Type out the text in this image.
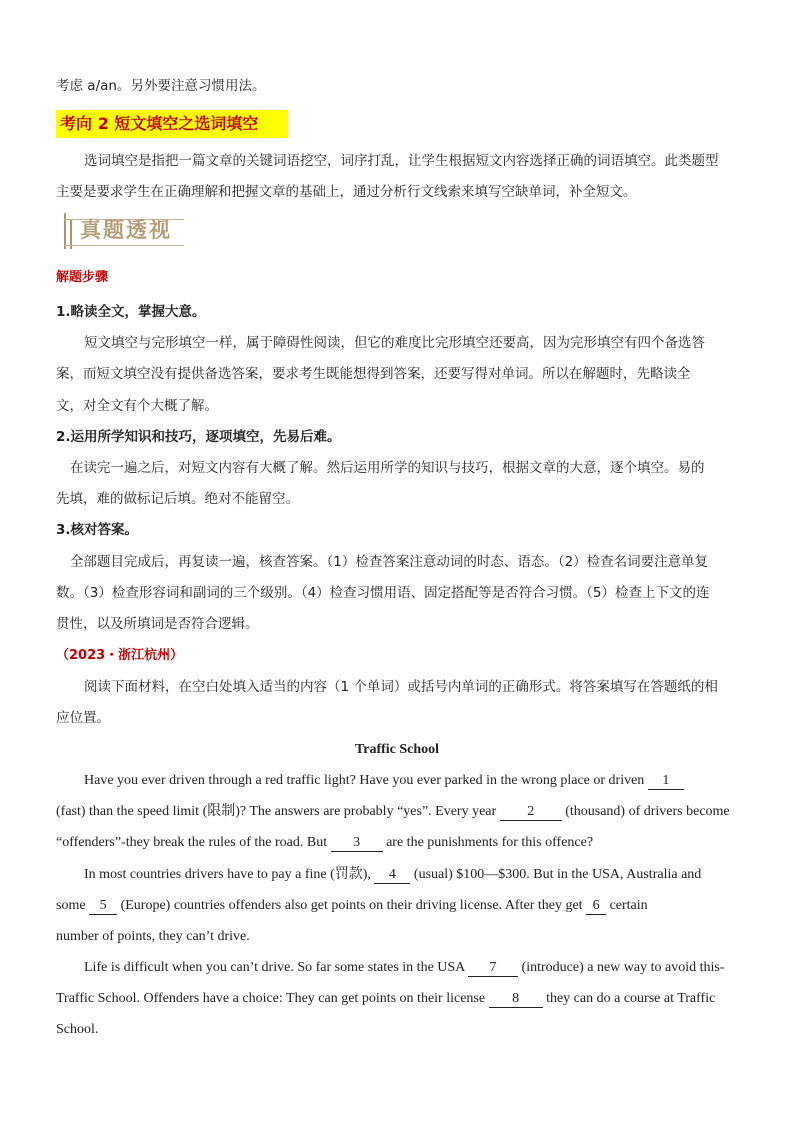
考虑 a/an。另外要注意习惯用法。
考向 2 短文填空之选词填空
选词填空是指把一篇文章的关键词语挖空，词序打乱，让学生根据短文内容选择正确的词语填空。此类题型
主要是要求学生在正确理解和把握文章的基础上，通过分析行文线索来填写空缺单词，补全短文。
真题透视
解题步骤
1.略读全文，掌握大意。
短文填空与完形填空一样，属于障碍性阅读，但它的难度比完形填空还要高，因为完形填空有四个备选答
案，而短文填空没有提供备选答案，要求考生既能想得到答案，还要写得对单词。所以在解题时，先略读全
文，对全文有个大概了解。
2.运用所学知识和技巧，逐项填空，先易后难。
在读完一遍之后，对短文内容有大概了解。然后运用所学的知识与技巧，根据文章的大意，逐个填空。易的
先填，难的做标记后填。绝对不能留空。
3.核对答案。
全部题目完成后，再复读一遍，核查答案。（1）检查答案注意动词的时态、语态。（2）检查名词要注意单复
数。（3）检查形容词和副词的三个级别。（4）检查习惯用语、固定搭配等是否符合习惯。（5）检查上下文的连
贯性，以及所填词是否符合逻辑。
（2023・浙江杭州）
阅读下面材料，在空白处填入适当的内容（1 个单词）或括号内单词的正确形式。将答案填写在答题纸的相
应位置。
Traffic School
Have you ever driven through a red traffic light? Have you ever parked in the wrong place or driven 1
(fast) than the speed limit (限制)? The answers are probably “yes”. Every year 2 (thousand) of drivers become
“offenders”-they break the rules of the road. But 3 are the punishments for this offence?
In most countries drivers have to pay a fine (罚款), 4 (usual) $100—$300. But in the USA, Australia and
some 5 (Europe) countries offenders also get points on their driving license. After they get 6 certain
number of points, they can’t drive.
Life is difficult when you can’t drive. So far some states in the USA 7 (introduce) a new way to avoid this-
Traffic School. Offenders have a choice: They can get points on their license 8 they can do a course at Traffic
School.
